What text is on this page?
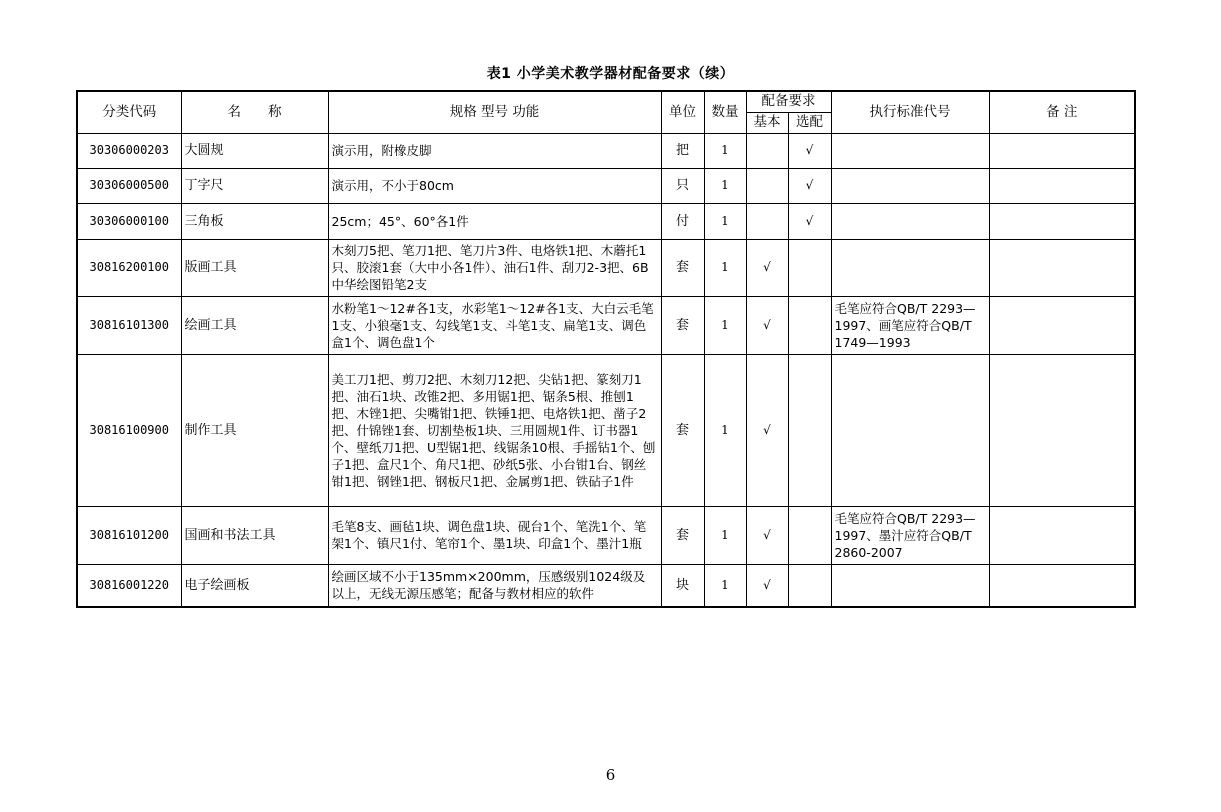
表1 小学美术教学器材配备要求（续）
分类代码	名　　称	规格 型号 功能	单位	数量	配备要求		执行标准代号	备 注
					基本	选配		
30306000203	大圆规	演示用，附橡皮脚	把	1		√		
30306000500	丁字尺	演示用，不小于80cm	只	1		√		
30306000100	三角板	25cm；45°、60°各1件	付	1		√		
30816200100	版画工具	木刻刀5把、笔刀1把、笔刀片3件、电烙铁1把、木蘑托1只、胶滚1套（大中小各1件）、油石1件、刮刀2-3把、6B中华绘图铅笔2支	套	1	√			
30816101300	绘画工具	水粉笔1～12#各1支，水彩笔1～12#各1支、大白云毛笔1支、小狼毫1支、勾线笔1支、斗笔1支、扁笔1支、调色盒1个、调色盘1个	套	1	√		毛笔应符合QB/T 2293—1997、画笔应符合QB/T 1749—1993	
30816100900	制作工具	美工刀1把、剪刀2把、木刻刀12把、尖钻1把、篆刻刀1把、油石1块、改锥2把、多用锯1把、锯条5根、推刨1把、木锉1把、尖嘴钳1把、铁锤1把、电烙铁1把、凿子2把、什锦锉1套、切割垫板1块、三用圆规1件、订书器1个、壁纸刀1把、U型锯1把、线锯条10根、手摇钻1个、刨子1把、盒尺1个、角尺1把、砂纸5张、小台钳1台、钢丝钳1把、钢锉1把、钢板尺1把、金属剪1把、铁砧子1件	套	1	√			
30816101200	国画和书法工具	毛笔8支、画毡1块、调色盘1块、砚台1个、笔洗1个、笔架1个、镇尺1付、笔帘1个、墨1块、印盒1个、墨汁1瓶	套	1	√		毛笔应符合QB/T 2293—1997、墨汁应符合QB/T 2860-2007	
30816001220	电子绘画板	绘画区域不小于135mm×200mm，压感级别1024级及以上，无线无源压感笔；配备与教材相应的软件	块	1	√			
6
